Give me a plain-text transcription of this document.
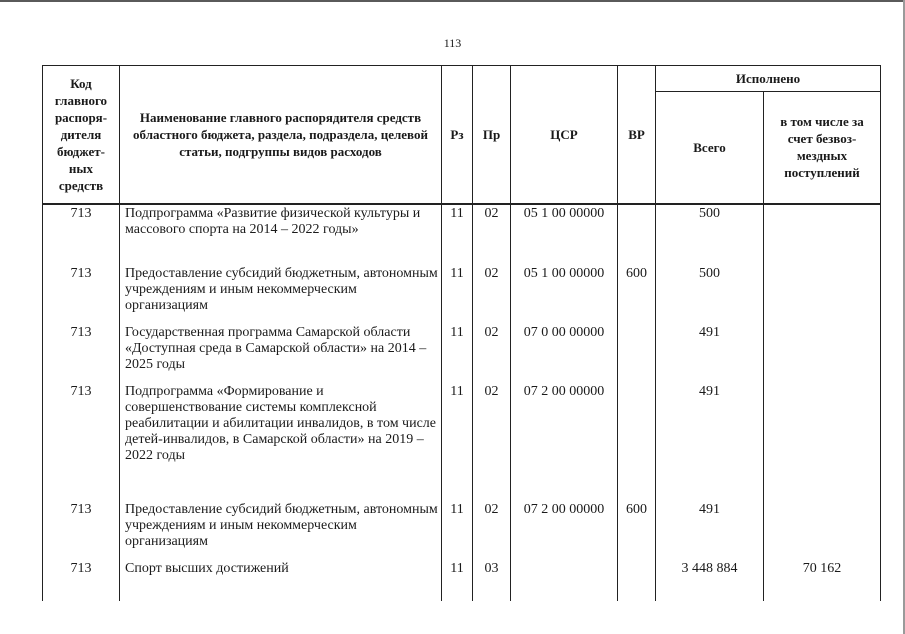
113
Код главного распоря-дителя бюджет-ных средств	Наименование главного распорядителя средств областного бюджета, раздела, подраздела, целевой статьи, подгруппы видов расходов	Рз	Пр	ЦСР	ВР	Исполнено	
						Всего	в том числе за счет безвоз-мездных поступлений
713	Подпрограмма «Развитие физической культуры и массового спорта на 2014 – 2022 годы»	11	02	05 1 00 00000		500	
713	Предоставление субсидий бюджетным, автономным учреждениям и иным некоммерческим организациям	11	02	05 1 00 00000	600	500	
713	Государственная программа Самарской области «Доступная среда в Самарской области» на 2014 – 2025 годы	11	02	07 0 00 00000		491	
713	Подпрограмма «Формирование и совершенствование системы комплексной реабилитации и абилитации инвалидов, в том числе детей-инвалидов, в Самарской области» на 2019 – 2022 годы	11	02	07 2 00 00000		491	
713	Предоставление субсидий бюджетным, автономным учреждениям и иным некоммерческим организациям	11	02	07 2 00 00000	600	491	
713	Спорт высших достижений	11	03			3 448 884	70 162
